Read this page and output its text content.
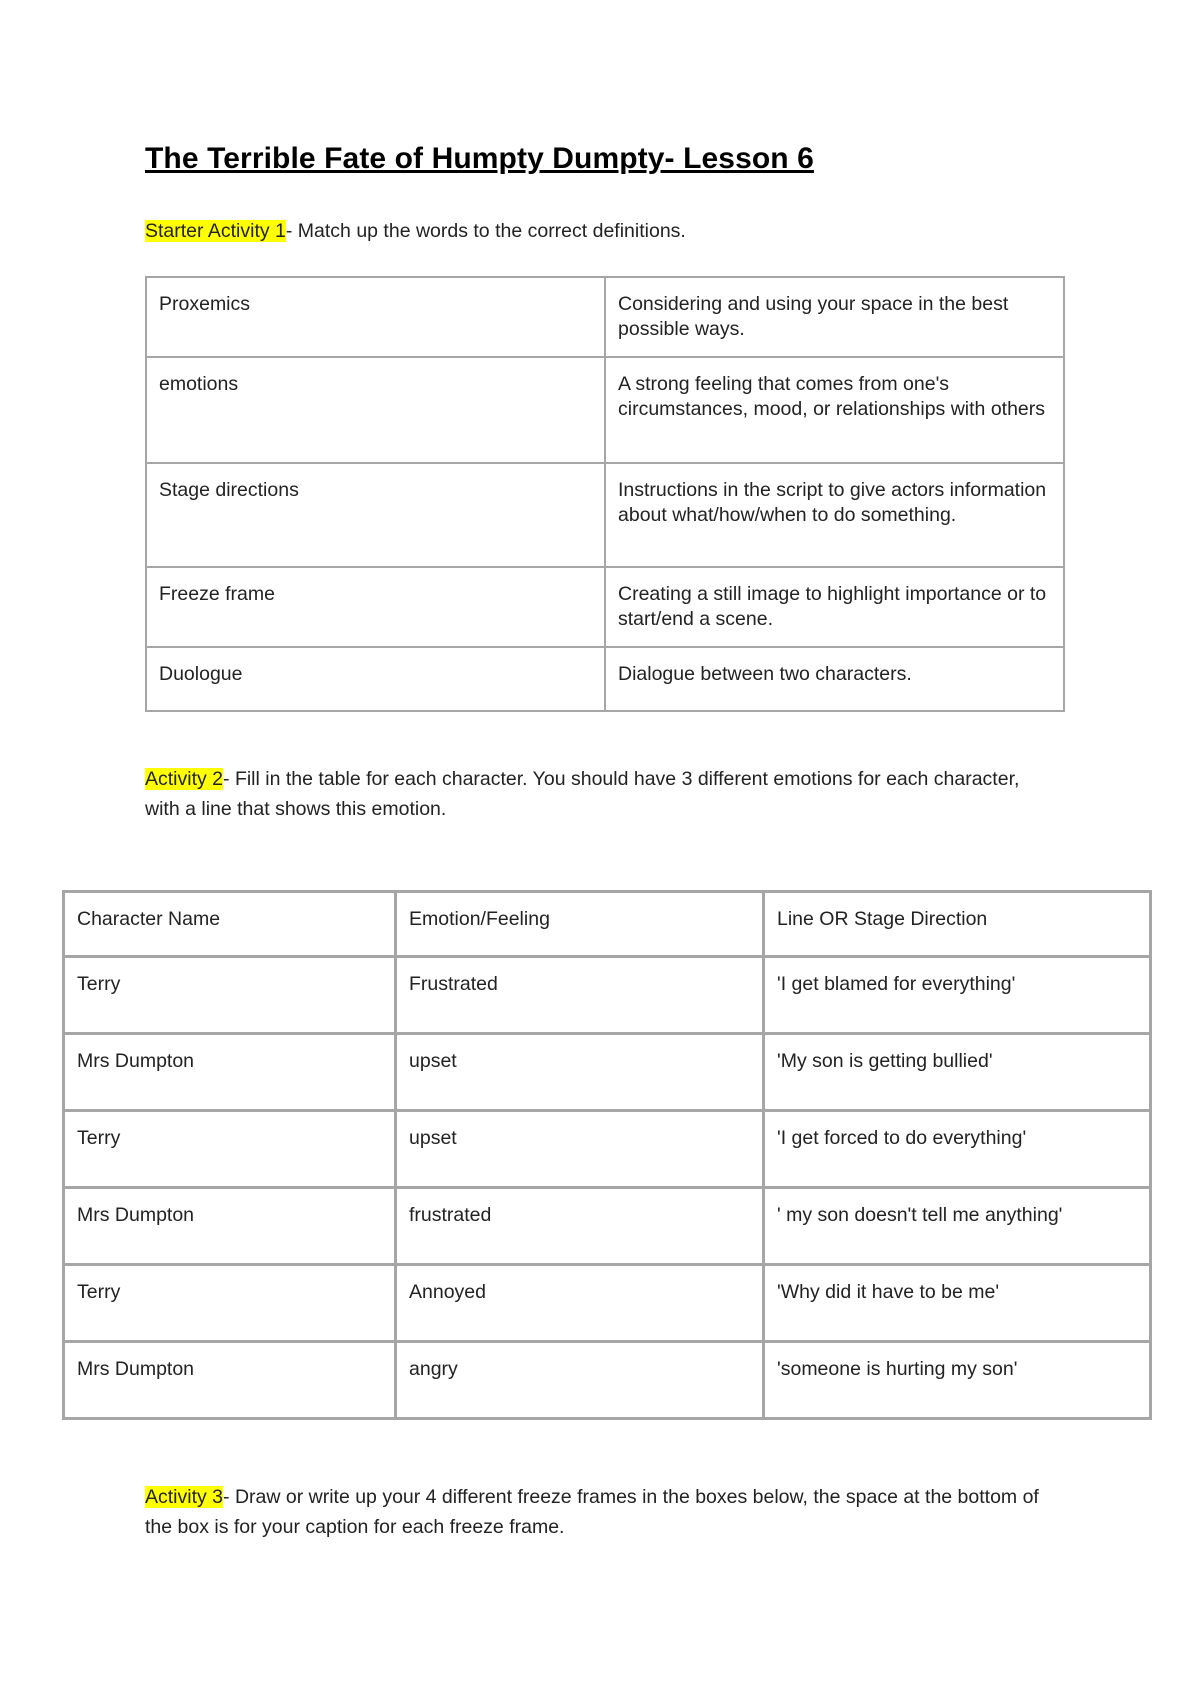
The Terrible Fate of Humpty Dumpty- Lesson 6

Starter Activity 1- Match up the words to the correct definitions.

Proxemics	Considering and using your space in the best possible ways.
emotions	A strong feeling that comes from one's circumstances, mood, or relationships with others
Stage directions	Instructions in the script to give actors information about what/how/when to do something.
Freeze frame	Creating a still image to highlight importance or to start/end a scene.
Duologue	Dialogue between two characters.

Activity 2- Fill in the table for each character. You should have 3 different emotions for each character, with a line that shows this emotion.

Character Name	Emotion/Feeling	Line OR Stage Direction
Terry	Frustrated	'I get blamed for everything'
Mrs Dumpton	upset	'My son is getting bullied'
Terry	upset	'I get forced to do everything'
Mrs Dumpton	frustrated	' my son doesn't tell me anything'
Terry	Annoyed	'Why did it have to be me'
Mrs Dumpton	angry	'someone is hurting my son'

Activity 3- Draw or write up your 4 different freeze frames in the boxes below, the space at the bottom of the box is for your caption for each freeze frame.
